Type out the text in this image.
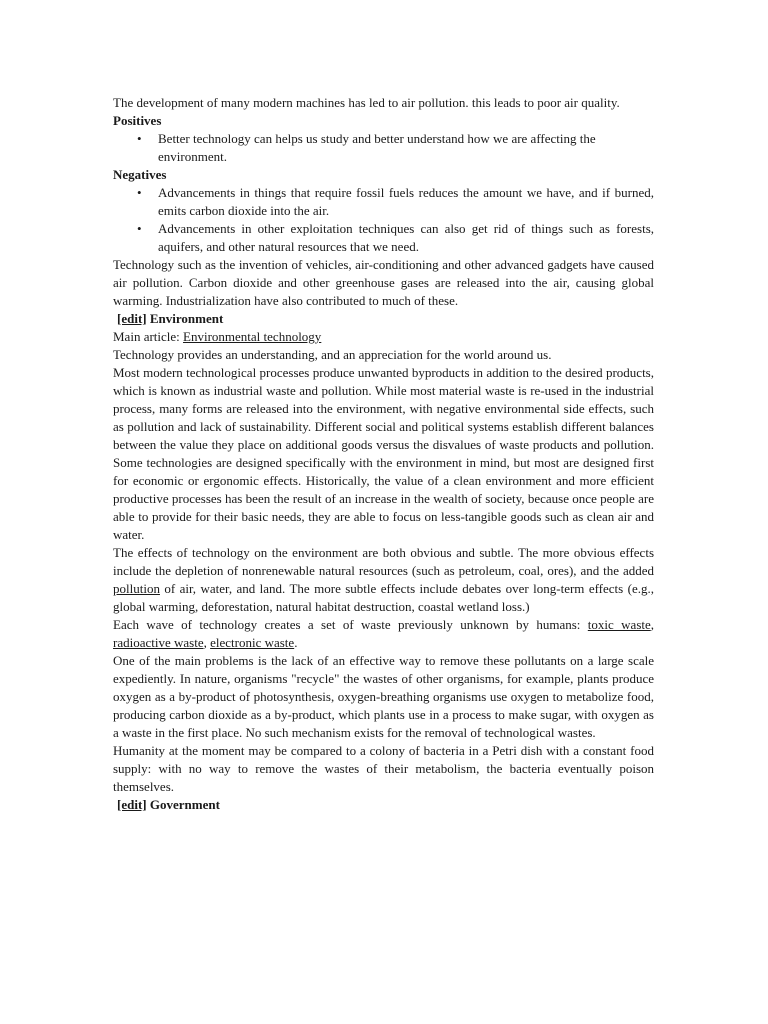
The development of many modern machines has led to air pollution. this leads to poor air quality.

Positives

• Better technology can helps us study and better understand how we are affecting the environment.

Negatives

• Advancements in things that require fossil fuels reduces the amount we have, and if burned, emits carbon dioxide into the air.
• Advancements in other exploitation techniques can also get rid of things such as forests, aquifers, and other natural resources that we need.

Technology such as the invention of vehicles, air-conditioning and other advanced gadgets have caused air pollution. Carbon dioxide and other greenhouse gases are released into the air, causing global warming. Industrialization have also contributed to much of these.

[edit] Environment

Main article: Environmental technology

Technology provides an understanding, and an appreciation for the world around us.

Most modern technological processes produce unwanted byproducts in addition to the desired products, which is known as industrial waste and pollution. While most material waste is re-used in the industrial process, many forms are released into the environment, with negative environmental side effects, such as pollution and lack of sustainability. Different social and political systems establish different balances between the value they place on additional goods versus the disvalues of waste products and pollution. Some technologies are designed specifically with the environment in mind, but most are designed first for economic or ergonomic effects. Historically, the value of a clean environment and more efficient productive processes has been the result of an increase in the wealth of society, because once people are able to provide for their basic needs, they are able to focus on less-tangible goods such as clean air and water.

The effects of technology on the environment are both obvious and subtle. The more obvious effects include the depletion of nonrenewable natural resources (such as petroleum, coal, ores), and the added pollution of air, water, and land. The more subtle effects include debates over long-term effects (e.g., global warming, deforestation, natural habitat destruction, coastal wetland loss.)

Each wave of technology creates a set of waste previously unknown by humans: toxic waste, radioactive waste, electronic waste.

One of the main problems is the lack of an effective way to remove these pollutants on a large scale expediently. In nature, organisms "recycle" the wastes of other organisms, for example, plants produce oxygen as a by-product of photosynthesis, oxygen-breathing organisms use oxygen to metabolize food, producing carbon dioxide as a by-product, which plants use in a process to make sugar, with oxygen as a waste in the first place. No such mechanism exists for the removal of technological wastes.

Humanity at the moment may be compared to a colony of bacteria in a Petri dish with a constant food supply: with no way to remove the wastes of their metabolism, the bacteria eventually poison themselves.

[edit] Government
